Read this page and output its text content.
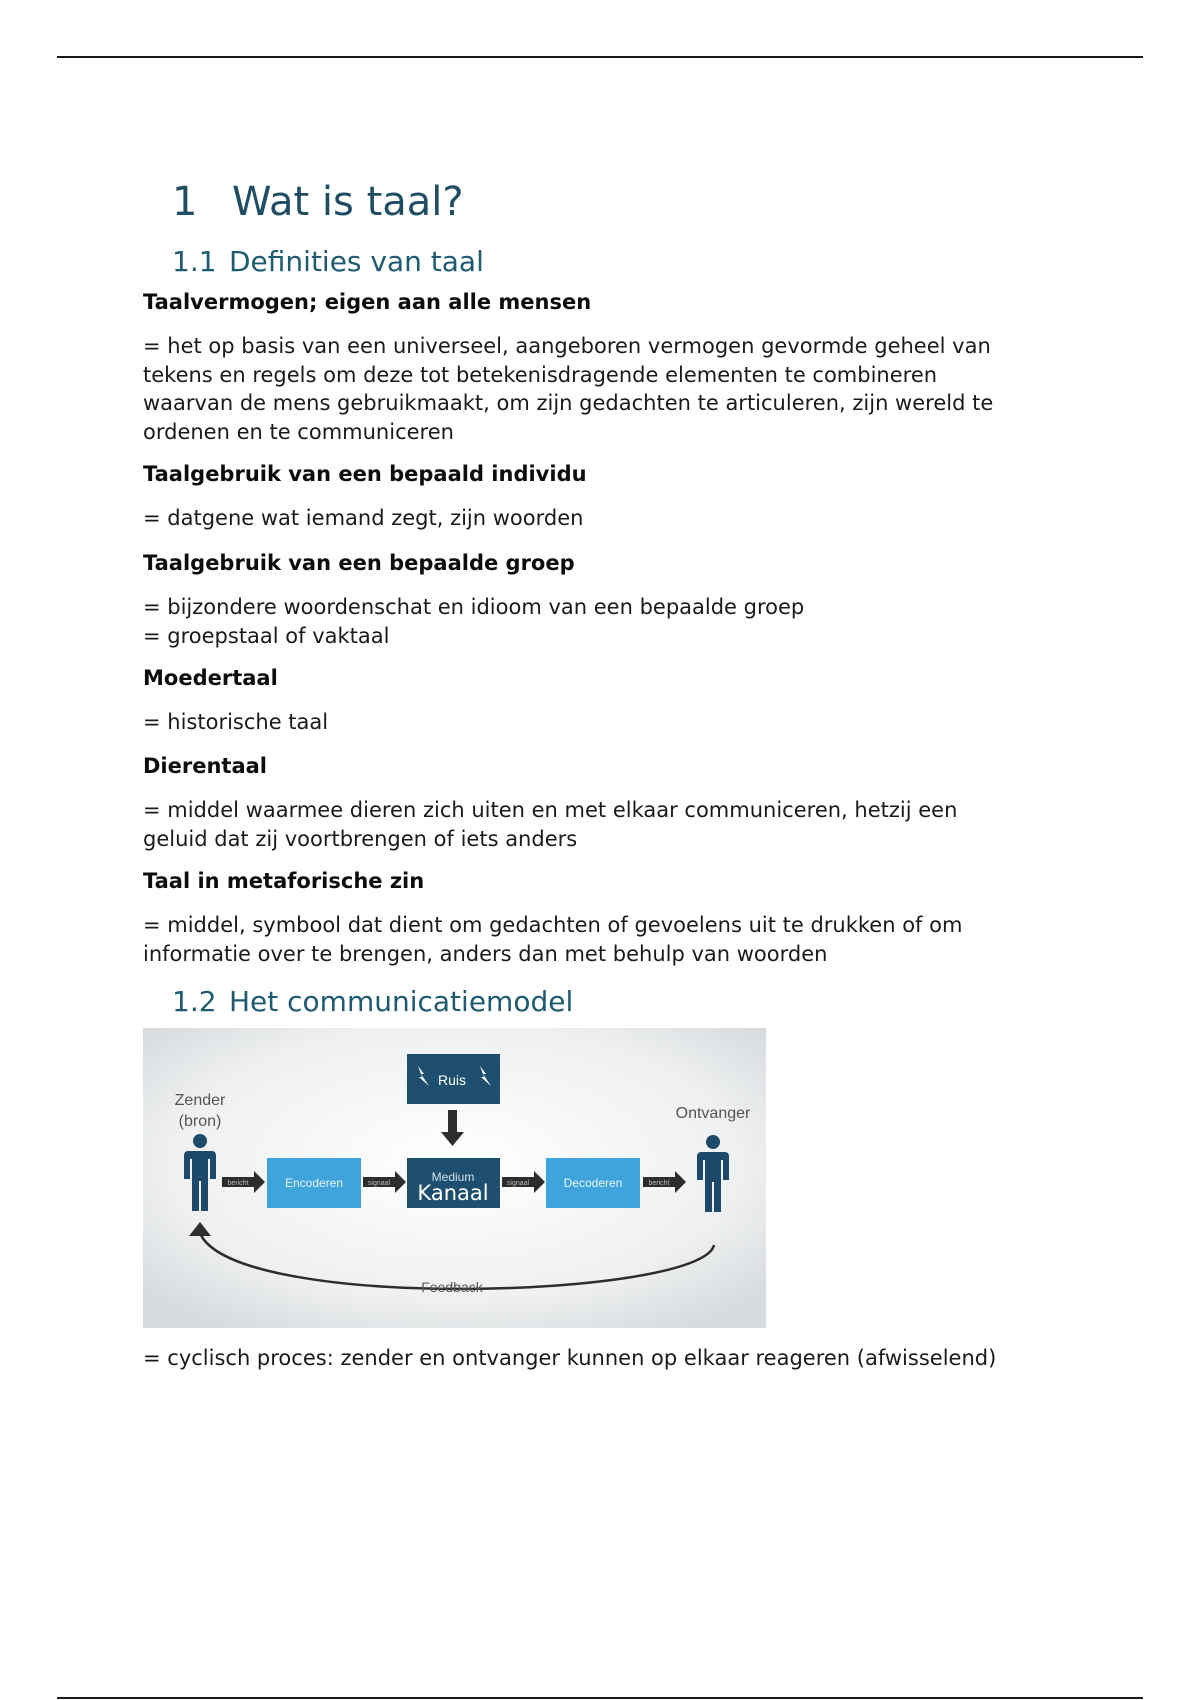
1 Wat is taal?
1.1 Definities van taal

Taalvermogen; eigen aan alle mensen

= het op basis van een universeel, aangeboren vermogen gevormde geheel van
tekens en regels om deze tot betekenisdragende elementen te combineren
waarvan de mens gebruikmaakt, om zijn gedachten te articuleren, zijn wereld te
ordenen en te communiceren

Taalgebruik van een bepaald individu

= datgene wat iemand zegt, zijn woorden

Taalgebruik van een bepaalde groep

= bijzondere woordenschat en idioom van een bepaalde groep
= groepstaal of vaktaal

Moedertaal

= historische taal

Dierentaal

= middel waarmee dieren zich uiten en met elkaar communiceren, hetzij een
geluid dat zij voortbrengen of iets anders

Taal in metaforische zin

= middel, symbool dat dient om gedachten of gevoelens uit te drukken of om
informatie over te brengen, anders dan met behulp van woorden

1.2 Het communicatiemodel
Zender
(bron)	Ontvanger
Ruis
Encoderen	Medium
Kanaal	Decoderen
bericht	signaal	signaal	bericht
Feedback

= cyclisch proces: zender en ontvanger kunnen op elkaar reageren (afwisselend)
